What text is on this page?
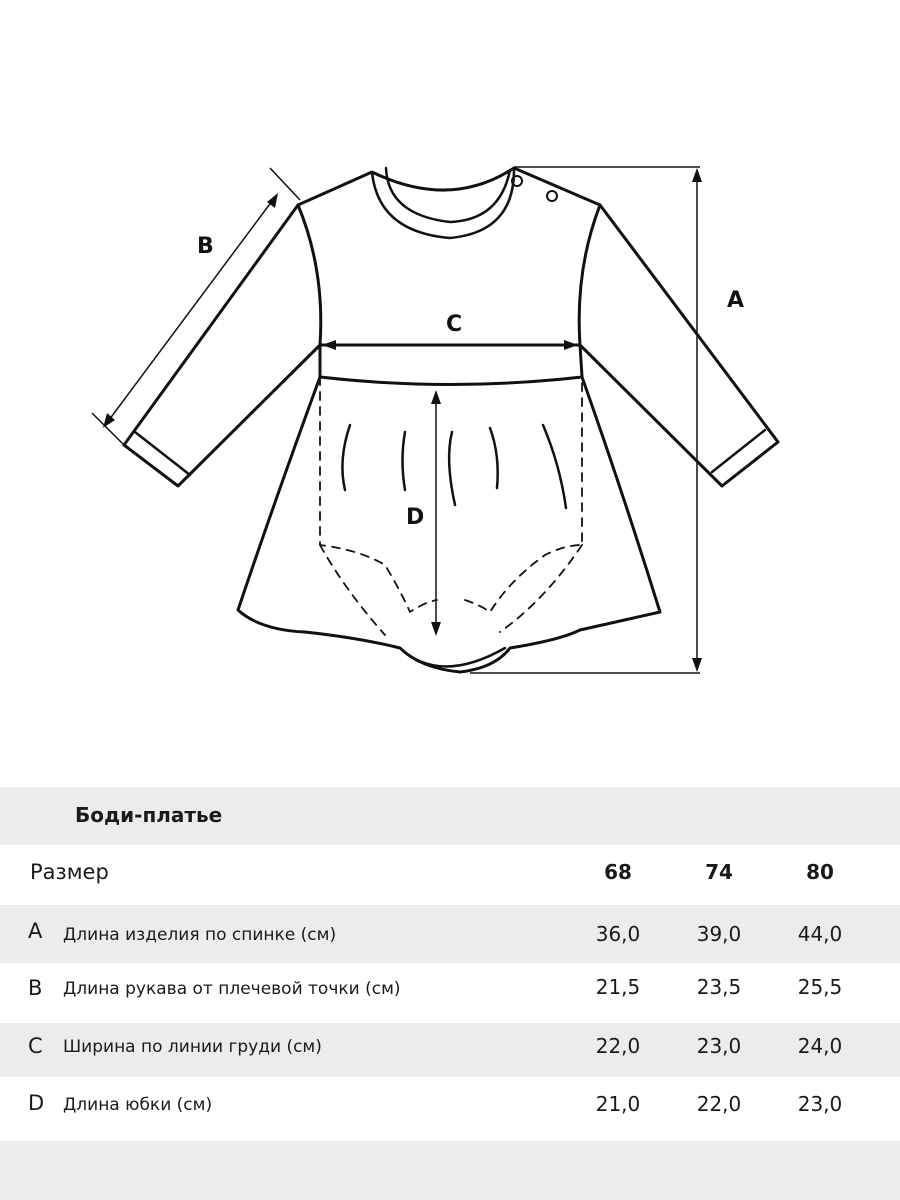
A
B
C
D
Боди-платье
Размер	68	74	80
A Длина изделия по спинке (см)	36,0	39,0	44,0
B Длина рукава от плечевой точки (см)	21,5	23,5	25,5
C Ширина по линии груди (см)	22,0	23,0	24,0
D Длина юбки (см)	21,0	22,0	23,0
